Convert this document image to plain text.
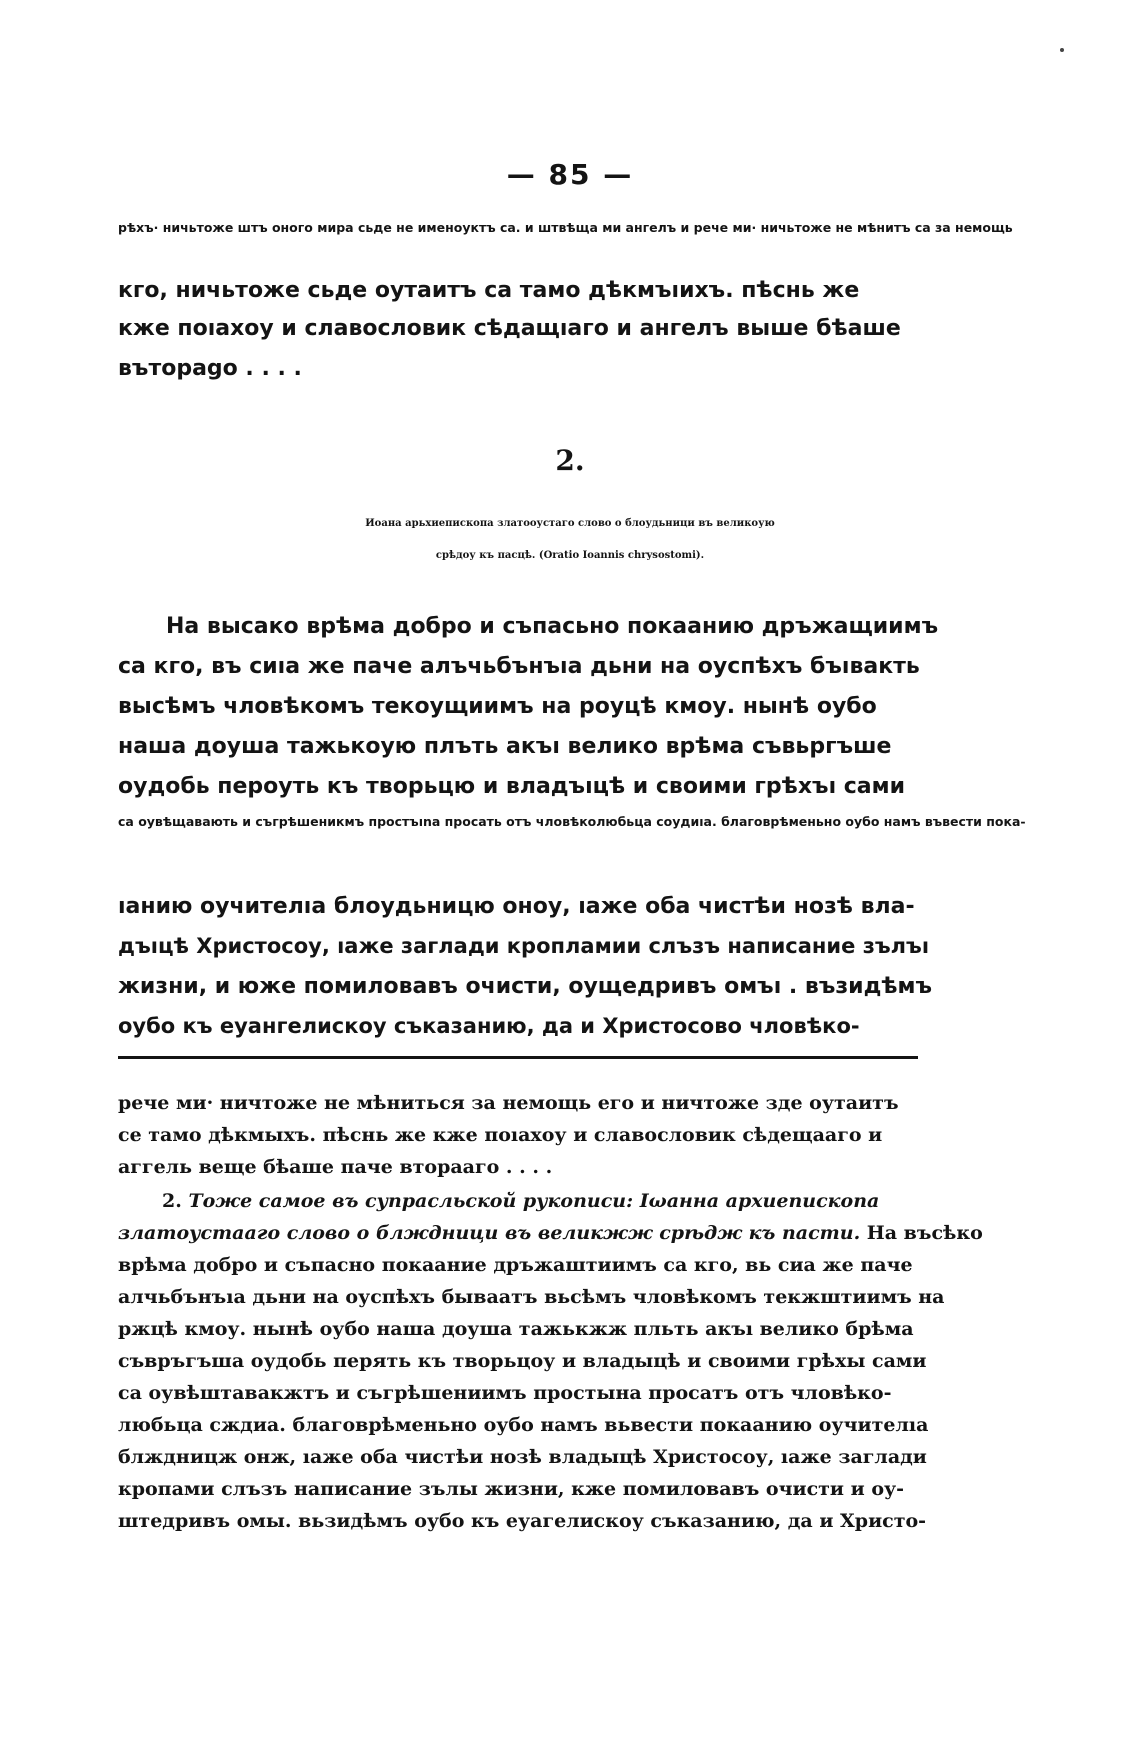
— 85 —
рѣхъ· ничьтоже штъ оного мира сьде не именоуктъ са. и штвѣща ми ангелъ и рече ми· ничьтоже не мѣнитъ са за немощь
кго, ничьтоже сьде оутаитъ са тамо дѣкмъıихъ. пѣснь же
кже поıахоу и славословик сѣдащıаго и ангелъ выше бѣаше
въторago . . . .
2.
Иоана арьхиепископа златооустаго слово о блоудьници въ великоую
срѣдоу къ пасцѣ. (Oratio Ioannis chrysostomi).
На высако врѣма добро и съпасьно покаанию дръжащиимъ
са кго, въ сиıа же паче алъчьбънъıа дьни на оуспѣхъ бъıвакть
высѣмъ чловѣкомъ текоущиимъ на роуцѣ кмоу. нынѣ оубо
наша доуша тажькоую плъть акъı велико врѣма съвьргъше
оудобь пероуть къ творьцю и владъıцѣ и своими грѣхъı сами
са оувѣщавають и съгрѣшеникмъ простъına просать отъ чловѣколюбьца соудиıа. благоврѣменьно оубо намъ въвести пока-
ıанию оучителıа блоудьницю оноу, ıаже оба чистѣи нозѣ вла-
дъıцѣ Христосоу, ıаже заглади кропламии слъзъ написание зълъı
жизни, и юже помиловавъ очисти, оущедривъ омъı . възидѣмъ
оубо къ еуангелискоу съказанию, да и Христосово чловѣко-
рече ми· ничтоже не мѣниться за немощь его и ничтоже зде оутаитъ
се тамо дѣкмыхъ. пѣснь же кже поıахоу и славословик сѣдещаaго и
аггель веще бѣаше паче втораагo . . . .
2. Тоже самое въ супрасльской рукописи: Iωанна архиепископа
златоустааго слово о блждници въ великжж срѣдж къ пасти. На въсѣко
врѣма добро и съпасно покаание дръжаштиимъ са кго, вь сиа же паче
алчьбънъıа дьни на оуспѣхъ бываатъ вьсѣмъ чловѣкомъ текжштиимъ на
ржцѣ кмоу. нынѣ оубо наша доуша тажькжж пльть акъı велико брѣма
съвръгъша оудобь перять къ творьцоу и владыцѣ и своими грѣхы сами
са оувѣштавакжтъ и съгрѣшениимъ простына просатъ отъ чловѣко-
любьца сждиа. благоврѣменьно оубо намъ вьвести покаанию оучителıа
блждницж онж, ıаже оба чистѣи нозѣ владыцѣ Христосоу, ıаже заглади
кропами слъзъ написание зълы жизни, кже помиловавъ очисти и оу-
штедривъ омы. вьзидѣмъ оубо къ еуагелискоу съказанию, да и Христо-
